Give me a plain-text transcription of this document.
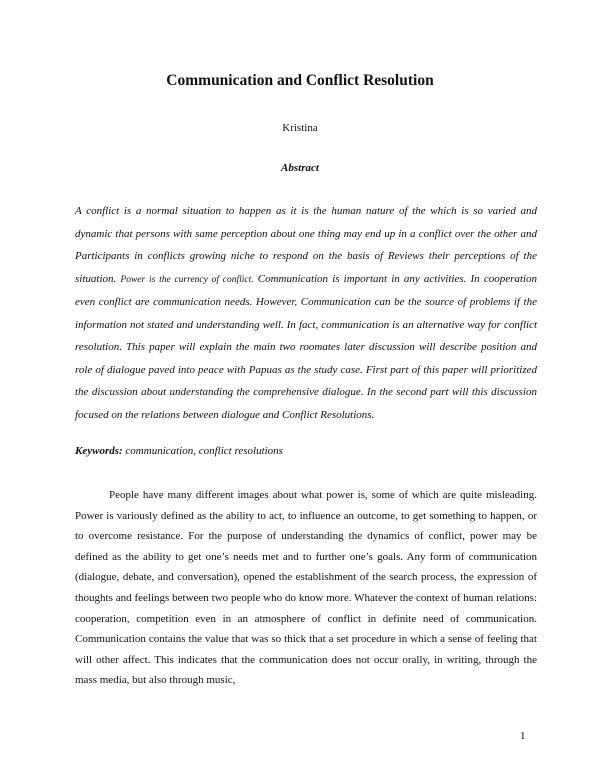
Communication and Conflict Resolution
Kristina
Abstract

A conflict is a normal situation to happen as it is the human nature of the which is so varied and dynamic that persons with same perception about one thing may end up in a conflict over the other and Participants in conflicts growing niche to respond on the basis of Reviews their perceptions of the situation. Power is the currency of conflict. Communication is important in any activities. In cooperation even conflict are communication needs. However, Communication can be the source of problems if the information not stated and understanding well. In fact, communication is an alternative way for conflict resolution. This paper will explain the main two roomates later discussion will describe position and role of dialogue paved into peace with Papuas as the study case. First part of this paper will prioritized the discussion about understanding the comprehensive dialogue. In the second part will this discussion focused on the relations between dialogue and Conflict Resolutions.

Keywords: communication, conflict resolutions

People have many different images about what power is, some of which are quite misleading. Power is variously defined as the ability to act, to influence an outcome, to get something to happen, or to overcome resistance. For the purpose of understanding the dynamics of conflict, power may be defined as the ability to get one’s needs met and to further one’s goals. Any form of communication (dialogue, debate, and conversation), opened the establishment of the search process, the expression of thoughts and feelings between two people who do know more. Whatever the context of human relations: cooperation, competition even in an atmosphere of conflict in definite need of communication. Communication contains the value that was so thick that a set procedure in which a sense of feeling that will other affect. This indicates that the communication does not occur orally, in writing, through the mass media, but also through music,

1
